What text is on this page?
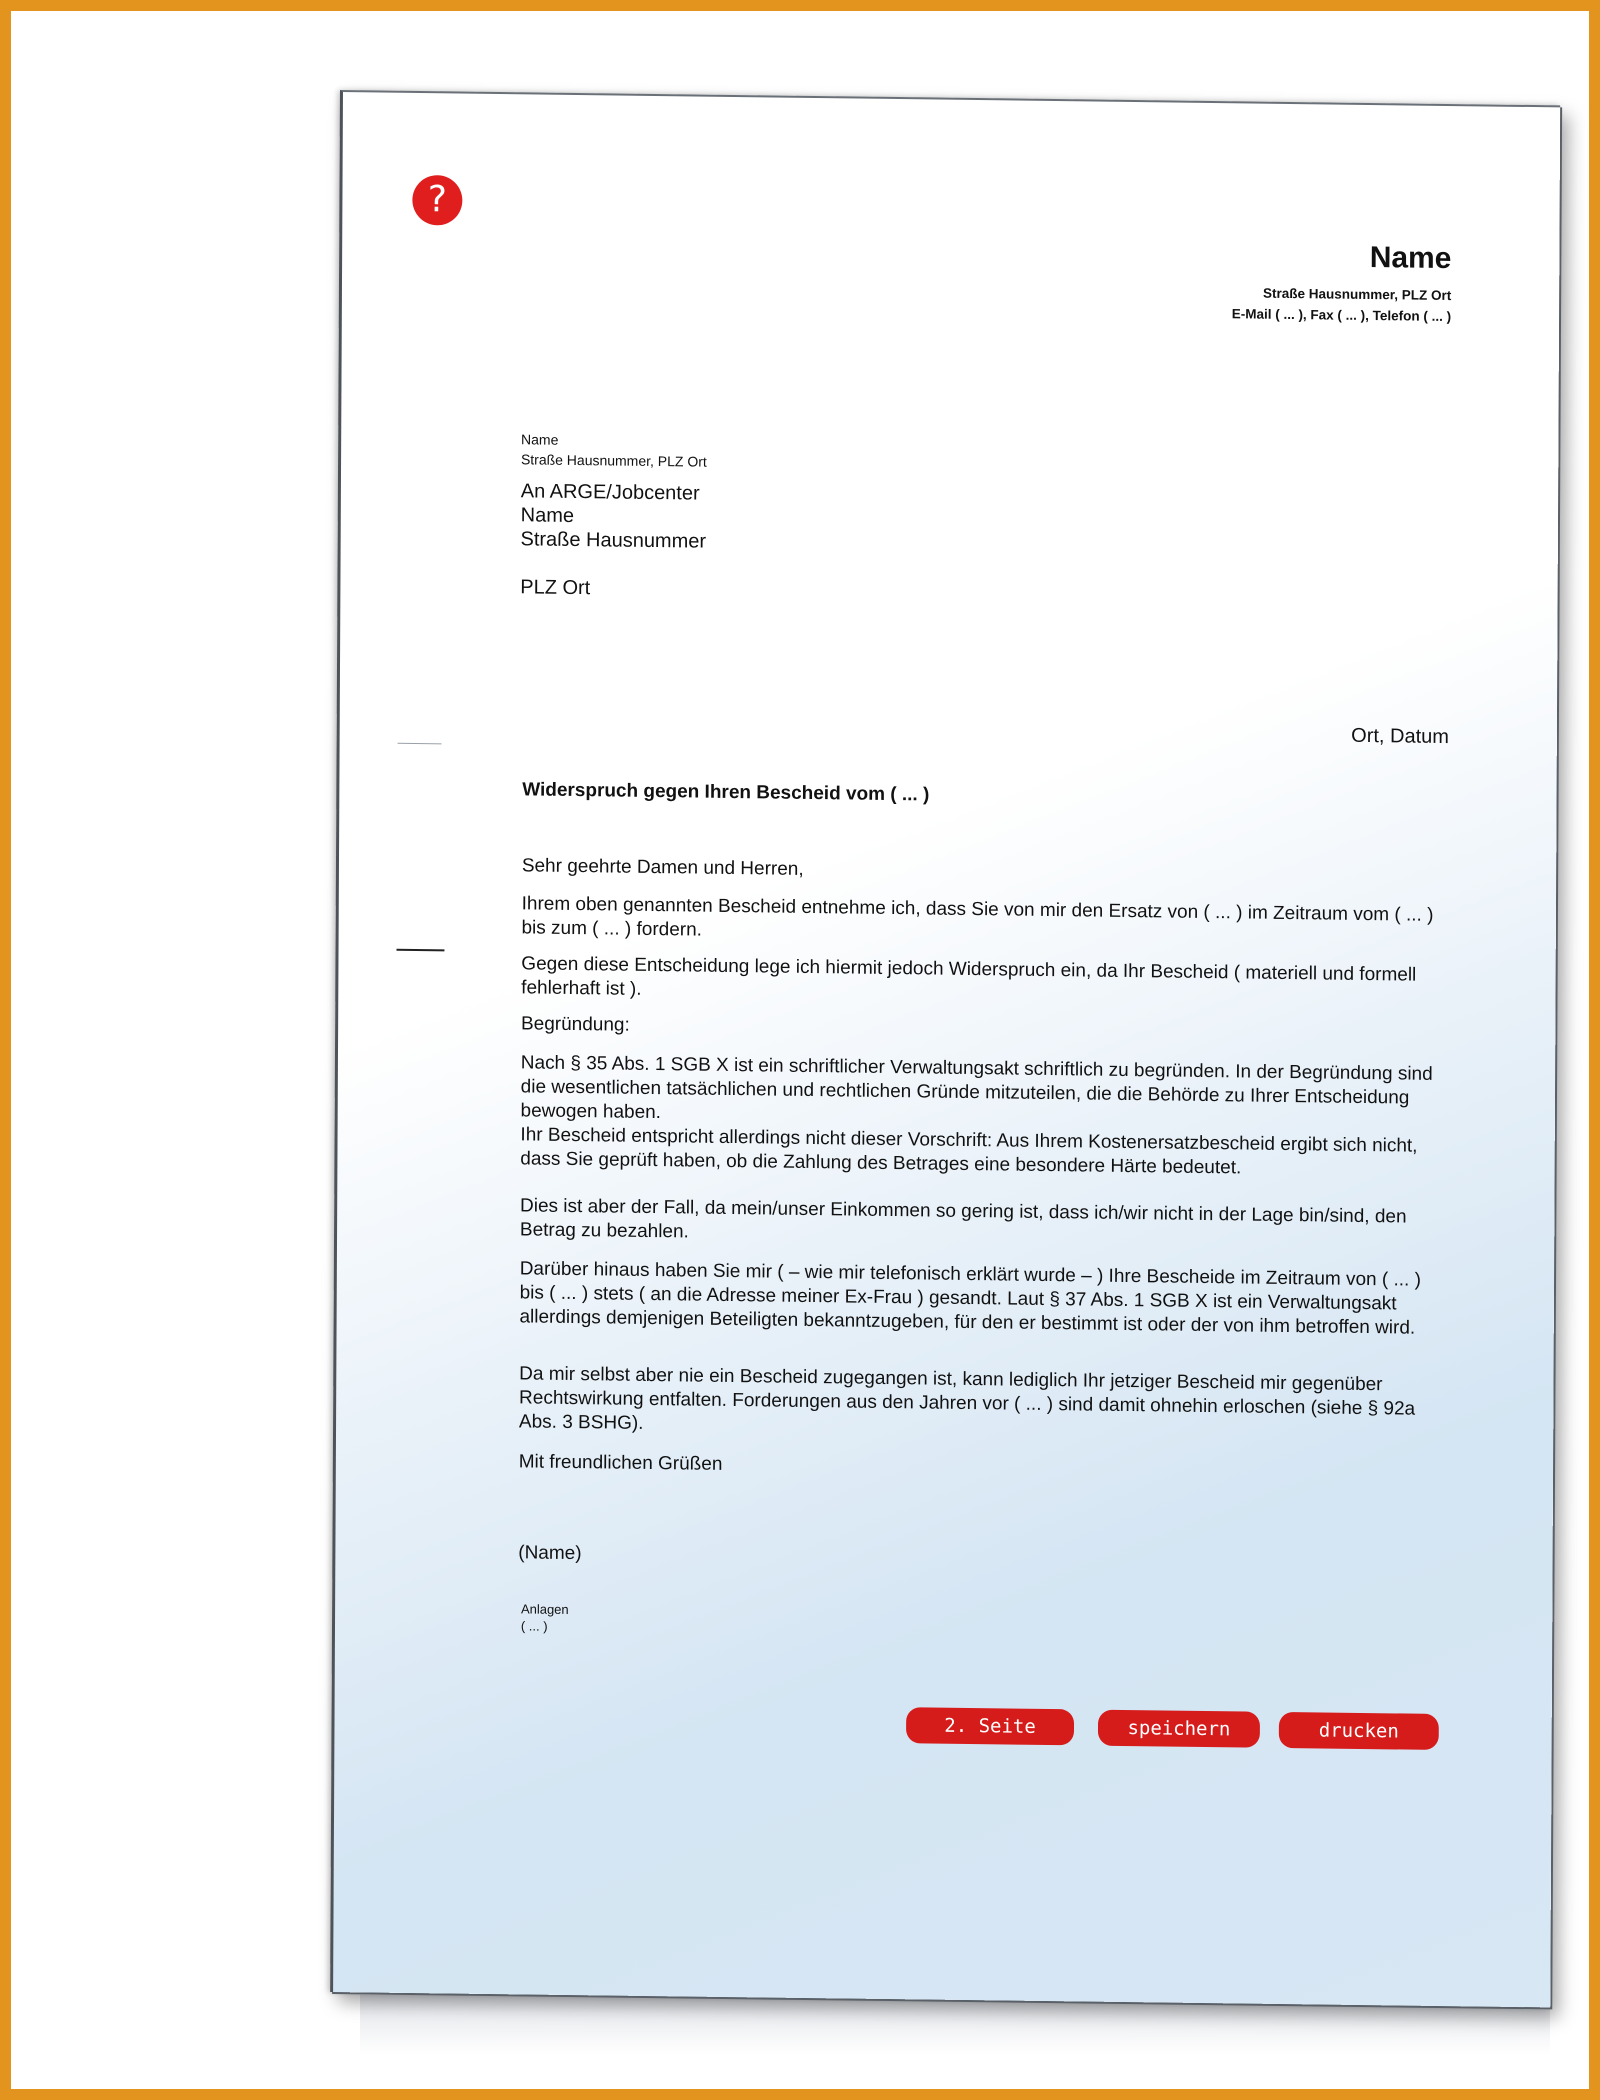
?
Name
Straße Hausnummer, PLZ Ort
E-Mail ( ... ), Fax ( ... ), Telefon ( ... )
Name
Straße Hausnummer, PLZ Ort
An ARGE/Jobcenter
Name
Straße Hausnummer
PLZ Ort
Ort, Datum
Widerspruch gegen Ihren Bescheid vom ( ... )
Sehr geehrte Damen und Herren,
Ihrem oben genannten Bescheid entnehme ich, dass Sie von mir den Ersatz von ( ... ) im Zeitraum vom ( ... ) bis zum ( ... ) fordern.
Gegen diese Entscheidung lege ich hiermit jedoch Widerspruch ein, da Ihr Bescheid ( materiell und formell fehlerhaft ist ).
Begründung:
Nach § 35 Abs. 1 SGB X ist ein schriftlicher Verwaltungsakt schriftlich zu begründen. In der Begründung sind die wesentlichen tatsächlichen und rechtlichen Gründe mitzuteilen, die die Behörde zu Ihrer Entscheidung bewogen haben.
Ihr Bescheid entspricht allerdings nicht dieser Vorschrift: Aus Ihrem Kostenersatzbescheid ergibt sich nicht, dass Sie geprüft haben, ob die Zahlung des Betrages eine besondere Härte bedeutet.
Dies ist aber der Fall, da mein/unser Einkommen so gering ist, dass ich/wir nicht in der Lage bin/sind, den Betrag zu bezahlen.
Darüber hinaus haben Sie mir ( – wie mir telefonisch erklärt wurde – ) Ihre Bescheide im Zeitraum von ( ... ) bis ( ... ) stets ( an die Adresse meiner Ex-Frau ) gesandt. Laut § 37 Abs. 1 SGB X ist ein Verwaltungsakt allerdings demjenigen Beteiligten bekanntzugeben, für den er bestimmt ist oder der von ihm betroffen wird.
Da mir selbst aber nie ein Bescheid zugegangen ist, kann lediglich Ihr jetziger Bescheid mir gegenüber Rechtswirkung entfalten. Forderungen aus den Jahren vor ( ... ) sind damit ohnehin erloschen (siehe § 92a Abs. 3 BSHG).
Mit freundlichen Grüßen
(Name)
Anlagen
( ... )
2. Seite	speichern	drucken
